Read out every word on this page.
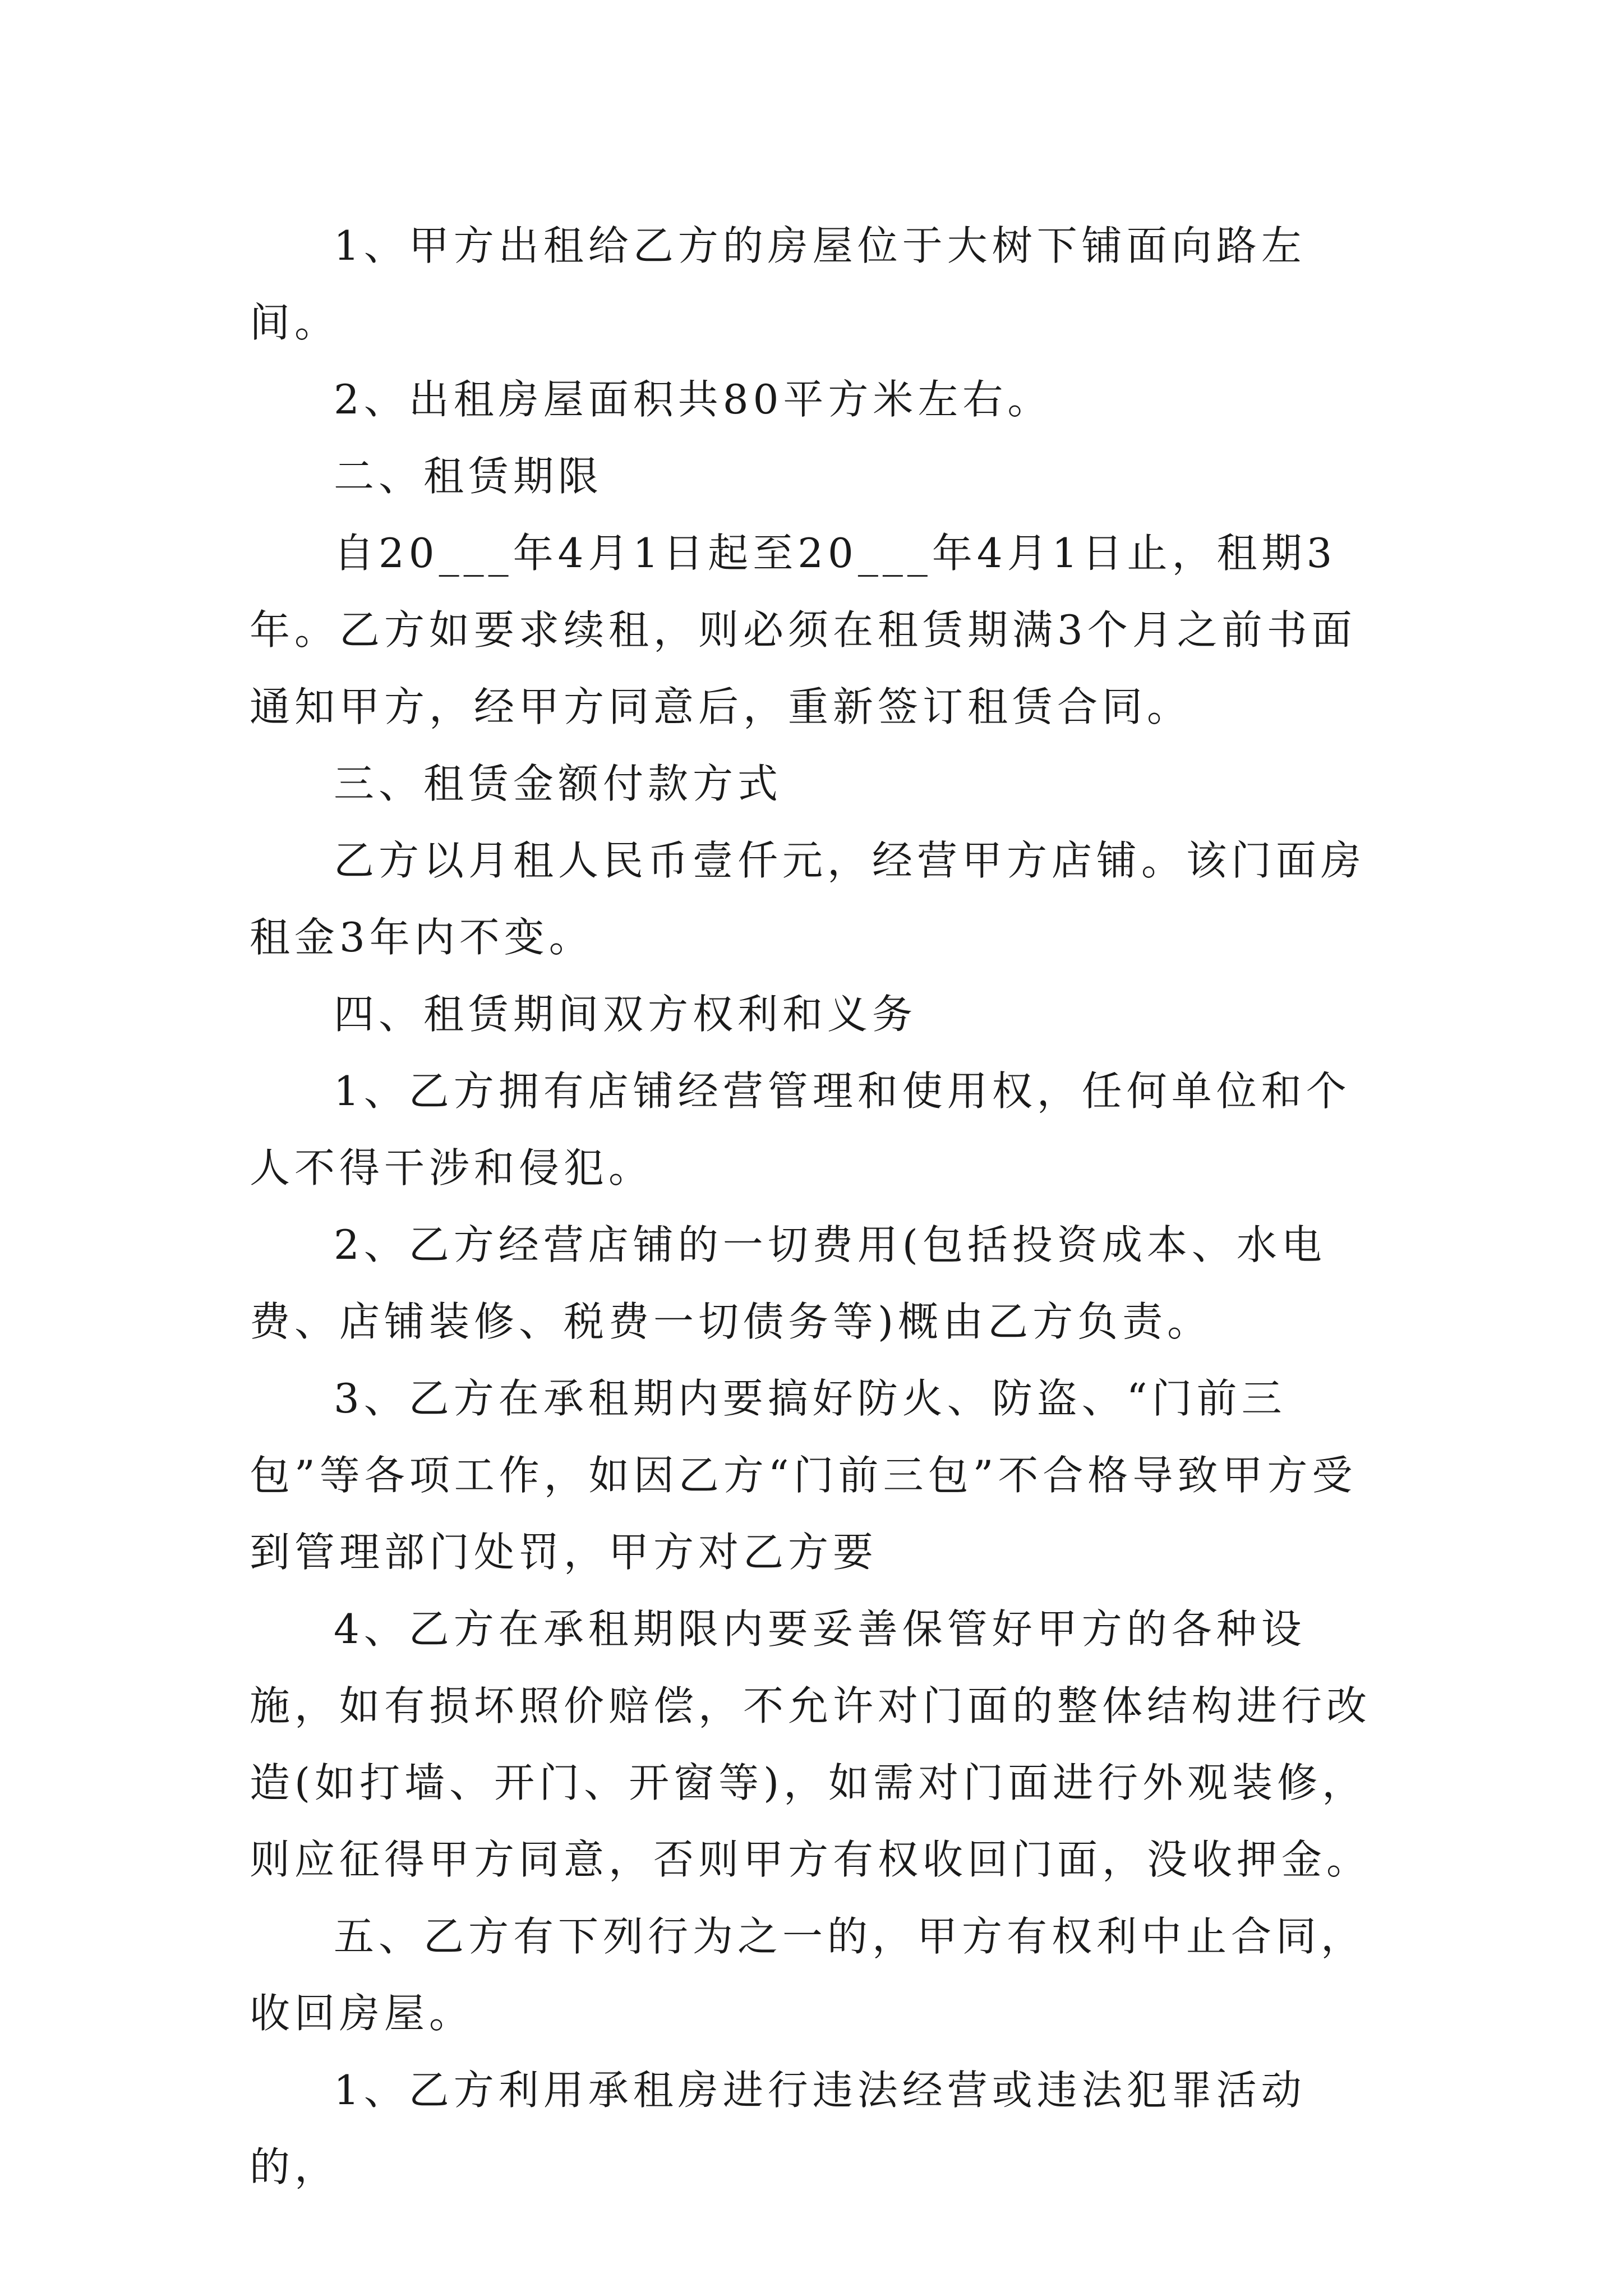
1、甲方出租给乙方的房屋位于大树下铺面向路左间。

2、出租房屋面积共80平方米左右。

二、租赁期限

自20___年4月1日起至20___年4月1日止，租期3年。乙方如要求续租，则必须在租赁期满3个月之前书面通知甲方，经甲方同意后，重新签订租赁合同。

三、租赁金额付款方式

乙方以月租人民币壹仟元，经营甲方店铺。该门面房租金3年内不变。

四、租赁期间双方权利和义务

1、乙方拥有店铺经营管理和使用权，任何单位和个人不得干涉和侵犯。

2、乙方经营店铺的一切费用(包括投资成本、水电费、店铺装修、税费一切债务等)概由乙方负责。

3、乙方在承租期内要搞好防火、防盗、“门前三包”等各项工作，如因乙方“门前三包”不合格导致甲方受到管理部门处罚，甲方对乙方要

4、乙方在承租期限内要妥善保管好甲方的各种设施，如有损坏照价赔偿，不允许对门面的整体结构进行改造(如打墙、开门、开窗等)，如需对门面进行外观装修，则应征得甲方同意，否则甲方有权收回门面，没收押金。

五、乙方有下列行为之一的，甲方有权利中止合同，收回房屋。

1、乙方利用承租房进行违法经营或违法犯罪活动的，
